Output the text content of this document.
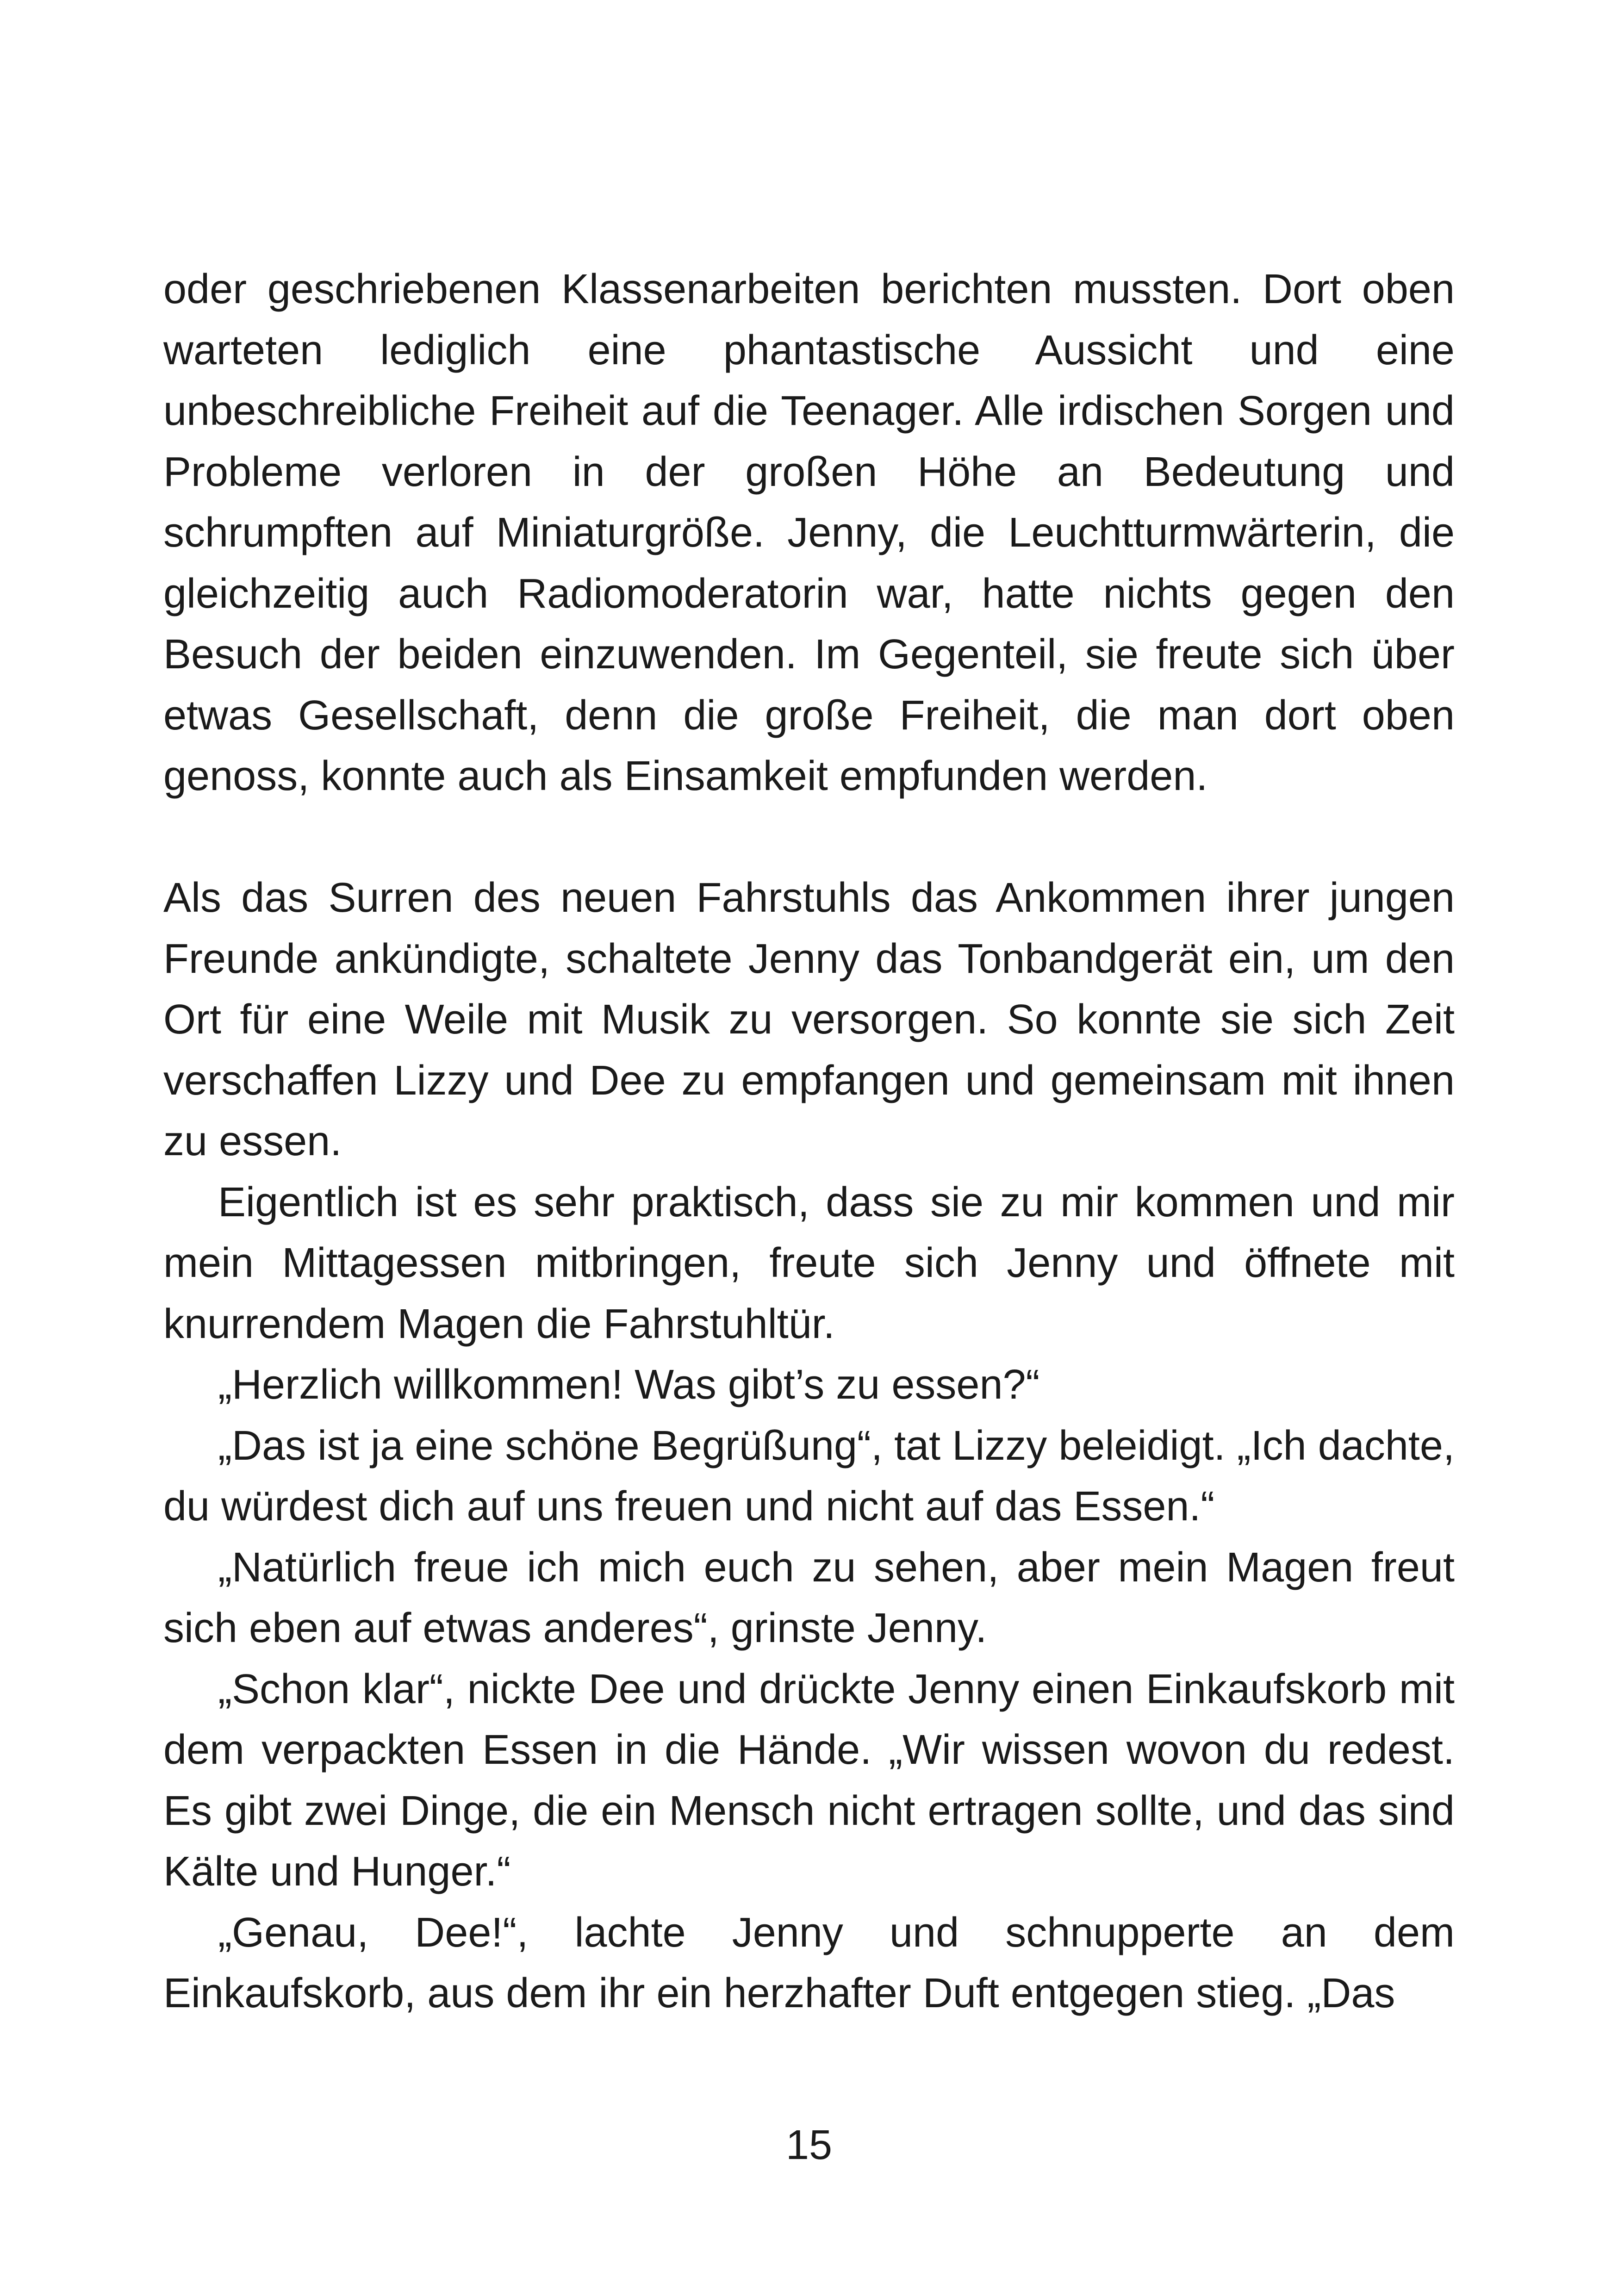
oder geschriebenen Klassenarbeiten berichten mussten. Dort oben warteten lediglich eine phantastische Aussicht und eine unbeschreibliche Freiheit auf die Teenager. Alle irdischen Sorgen und Probleme verloren in der großen Höhe an Bedeutung und schrumpften auf Miniaturgröße. Jenny, die Leuchtturmwärterin, die gleichzeitig auch Radiomoderatorin war, hatte nichts gegen den Besuch der beiden einzuwenden. Im Gegenteil, sie freute sich über etwas Gesellschaft, denn die große Freiheit, die man dort oben genoss, konnte auch als Einsamkeit empfunden werden.

Als das Surren des neuen Fahrstuhls das Ankommen ihrer jungen Freunde ankündigte, schaltete Jenny das Tonbandgerät ein, um den Ort für eine Weile mit Musik zu versorgen. So konnte sie sich Zeit verschaffen Lizzy und Dee zu empfangen und gemeinsam mit ihnen zu essen.

Eigentlich ist es sehr praktisch, dass sie zu mir kommen und mir mein Mittagessen mitbringen, freute sich Jenny und öffnete mit knurrendem Magen die Fahrstuhltür.

„Herzlich willkommen! Was gibt’s zu essen?“

„Das ist ja eine schöne Begrüßung“, tat Lizzy beleidigt. „Ich dachte, du würdest dich auf uns freuen und nicht auf das Essen.“

„Natürlich freue ich mich euch zu sehen, aber mein Magen freut sich eben auf etwas anderes“, grinste Jenny.

„Schon klar“, nickte Dee und drückte Jenny einen Einkaufskorb mit dem verpackten Essen in die Hände. „Wir wissen wovon du redest. Es gibt zwei Dinge, die ein Mensch nicht ertragen sollte, und das sind Kälte und Hunger.“

„Genau, Dee!“, lachte Jenny und schnupperte an dem Einkaufskorb, aus dem ihr ein herzhafter Duft entgegen stieg. „Das

15
